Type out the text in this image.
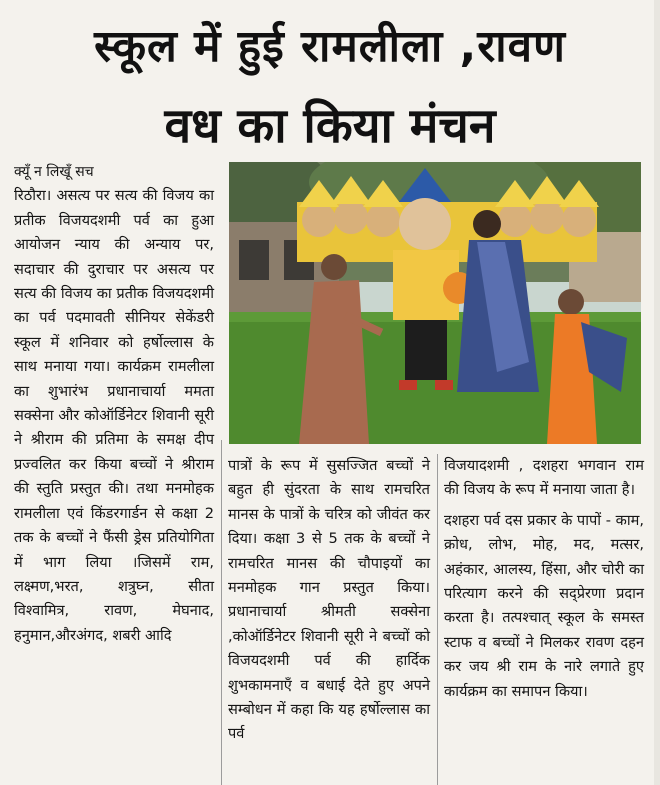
स्कूल में हुई रामलीला ,रावण
वध का किया मंचन
क्यूँ न लिखूँ सच

रिठौरा। असत्य पर सत्य की विजय का प्रतीक विजयदशमी पर्व का हुआ आयोजन न्याय की अन्याय पर, सदाचार की दुराचार पर असत्य पर सत्य की विजय का प्रतीक विजयदशमी का पर्व पदमावती सीनियर सेकेंडरी स्कूल में शनिवार को हर्षोल्लास के साथ मनाया गया। कार्यक्रम रामलीला का शुभारंभ प्रधानाचार्या ममता सक्सेना और कोऑर्डिनेटर शिवानी सूरी ने श्रीराम की प्रतिमा के समक्ष दीप प्रज्वलित कर किया बच्चों ने श्रीराम की स्तुति प्रस्तुत की। तथा मनमोहक रामलीला एवं किंडरगार्डन से कक्षा 2 तक के बच्चों ने फैंसी ड्रेस प्रतियोगिता में भाग लिया ।जिसमें राम, लक्ष्मण,भरत, शत्रुघ्न, सीता विश्वामित्र, रावण, मेघनाद, हनुमान,औरअंगद, शबरी आदि

पात्रों के रूप में सुसज्जित बच्चों ने बहुत ही सुंदरता के साथ रामचरित मानस के पात्रों के चरित्र को जीवंत कर दिया। कक्षा 3 से 5 तक के बच्चों ने रामचरित मानस की चौपाइयों का मनमोहक गान प्रस्तुत किया। प्रधानाचार्या श्रीमती सक्सेना ,कोऑर्डिनेटर शिवानी सूरी ने बच्चों को विजयदशमी पर्व की हार्दिक शुभकामनाएँ व बधाई देते हुए अपने सम्बोधन में कहा कि यह हर्षोल्लास का पर्व

विजयादशमी , दशहरा भगवान राम की विजय के रूप में मनाया जाता है।

दशहरा पर्व दस प्रकार के पापों - काम, क्रोध, लोभ, मोह, मद, मत्सर, अहंकार, आलस्य, हिंसा, और चोरी का परित्याग करने की सद्प्रेरणा प्रदान करता है। तत्पश्चात् स्कूल के समस्त स्टाफ व बच्चों ने मिलकर रावण दहन कर जय श्री राम के नारे लगाते हुए कार्यक्रम का समापन किया।
